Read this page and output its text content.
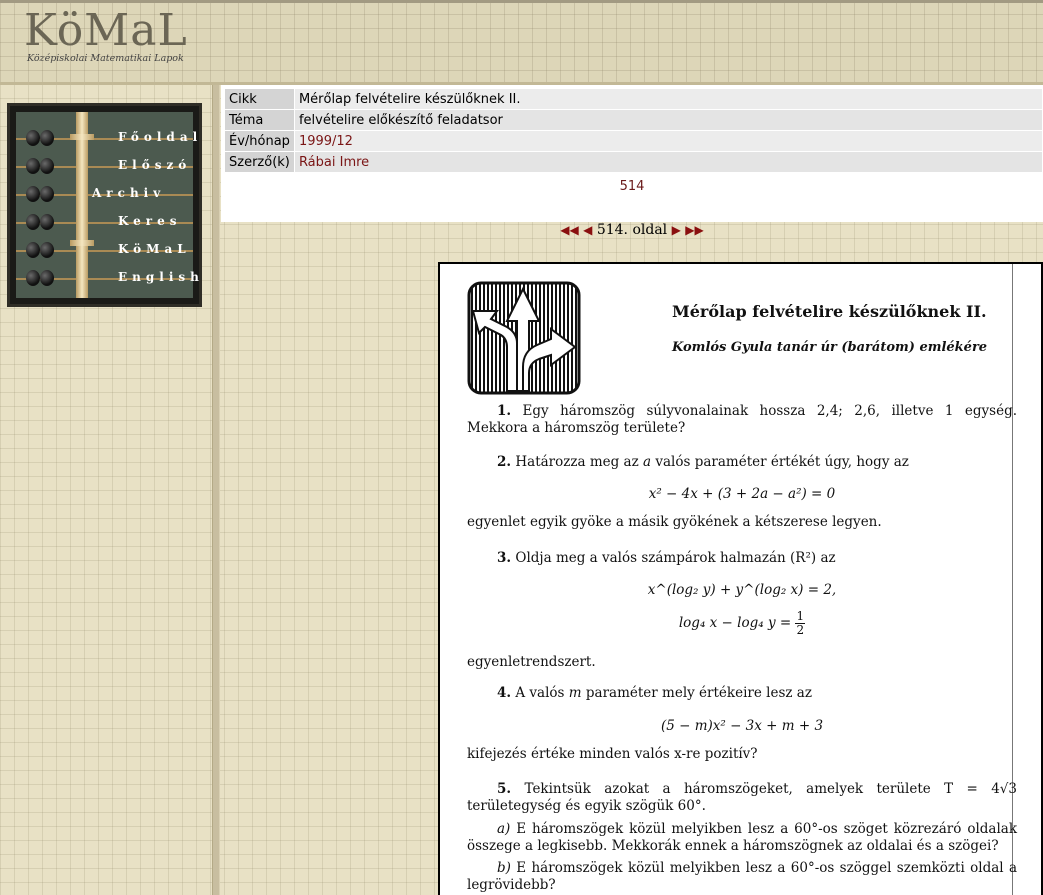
KöMaL
Középiskolai Matematikai Lapok
Főoldal
Előszó
Archiv
Keres
KöMaL
English
Cikk	Mérőlap felvételire készülőknek II.
Téma	felvételire előkészítő feladatsor
Év/hónap	1999/12
Szerző(k)	Rábai Imre
514
◀◀ ◀ 514. oldal ▶ ▶▶
Mérőlap felvételire készülőknek II.
Komlós Gyula tanár úr (barátom) emlékére
1. Egy háromszög súlyvonalainak hossza 2,4; 2,6, illetve 1 egység. Mekkora a háromszög területe?
2. Határozza meg az a valós paraméter értékét úgy, hogy az
x² − 4x + (3 + 2a − a²) = 0
egyenlet egyik gyöke a másik gyökének a kétszerese legyen.
3. Oldja meg a valós számpárok halmazán (R²) az
x^(log₂ y) + y^(log₂ x) = 2,
log₄ x − log₄ $y = \frac{1}{2}$
egyenletrendszert.
4. A valós m paraméter mely értékeire lesz az
(5 − m)x² − 3x + m + 3
kifejezés értéke minden valós x-re pozitív?
5. Tekintsük azokat a háromszögeket, amelyek területe T = 4√3 területegység és egyik szögük 60°.
a) E háromszögek közül melyikben lesz a 60°-os szöget közrezáró oldalak összege a legkisebb. Mekkorák ennek a háromszögnek az oldalai és a szögei?
b) E háromszögek közül melyikben lesz a 60°-os szöggel szemközti oldal a legrövidebb?
